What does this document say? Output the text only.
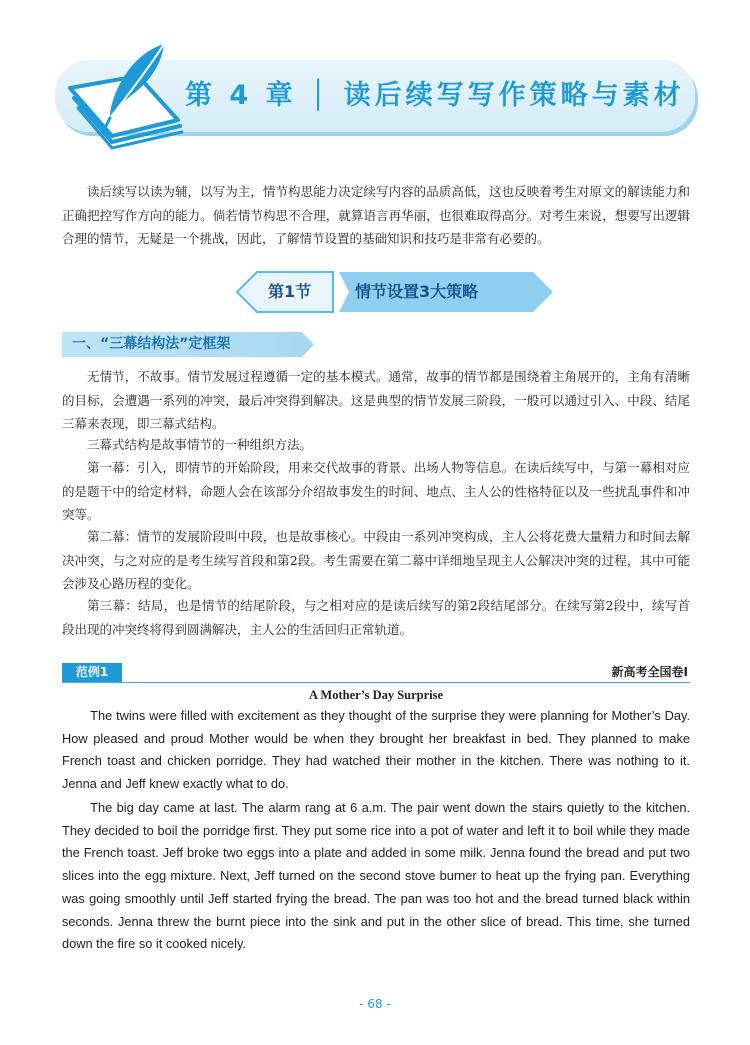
第 4 章 │ 读后续写写作策略与素材

读后续写以读为辅，以写为主，情节构思能力决定续写内容的品质高低，这也反映着考生对原文的解读能力和正确把控写作方向的能力。倘若情节构思不合理，就算语言再华丽，也很难取得高分。对考生来说，想要写出逻辑合理的情节，无疑是一个挑战，因此，了解情节设置的基础知识和技巧是非常有必要的。

第1节	情节设置3大策略
一、“三幕结构法”定框架

无情节，不故事。情节发展过程遵循一定的基本模式。通常，故事的情节都是围绕着主角展开的，主角有清晰的目标，会遭遇一系列的冲突，最后冲突得到解决。这是典型的情节发展三阶段，一般可以通过引入、中段、结尾三幕来表现，即三幕式结构。

三幕式结构是故事情节的一种组织方法。

第一幕：引入，即情节的开始阶段，用来交代故事的背景、出场人物等信息。在读后续写中，与第一幕相对应的是题干中的给定材料，命题人会在该部分介绍故事发生的时间、地点、主人公的性格特征以及一些扰乱事件和冲突等。

第二幕：情节的发展阶段叫中段，也是故事核心。中段由一系列冲突构成，主人公将花费大量精力和时间去解决冲突，与之对应的是考生续写首段和第2段。考生需要在第二幕中详细地呈现主人公解决冲突的过程，其中可能会涉及心路历程的变化。

第三幕：结局，也是情节的结尾阶段，与之相对应的是读后续写的第2段结尾部分。在续写第2段中，续写首段出现的冲突终将得到圆满解决，主人公的生活回归正常轨道。

范例1	新高考全国卷Ⅰ
A Mother’s Day Surprise

The twins were filled with excitement as they thought of the surprise they were planning for Mother’s Day. How pleased and proud Mother would be when they brought her breakfast in bed. They planned to make French toast and chicken porridge. They had watched their mother in the kitchen. There was nothing to it. Jenna and Jeff knew exactly what to do.

The big day came at last. The alarm rang at 6 a.m. The pair went down the stairs quietly to the kitchen. They decided to boil the porridge first. They put some rice into a pot of water and left it to boil while they made the French toast. Jeff broke two eggs into a plate and added in some milk. Jenna found the bread and put two slices into the egg mixture. Next, Jeff turned on the second stove burner to heat up the frying pan. Everything was going smoothly until Jeff started frying the bread. The pan was too hot and the bread turned black within seconds. Jenna threw the burnt piece into the sink and put in the other slice of bread. This time, she turned down the fire so it cooked nicely.

- 68 -
